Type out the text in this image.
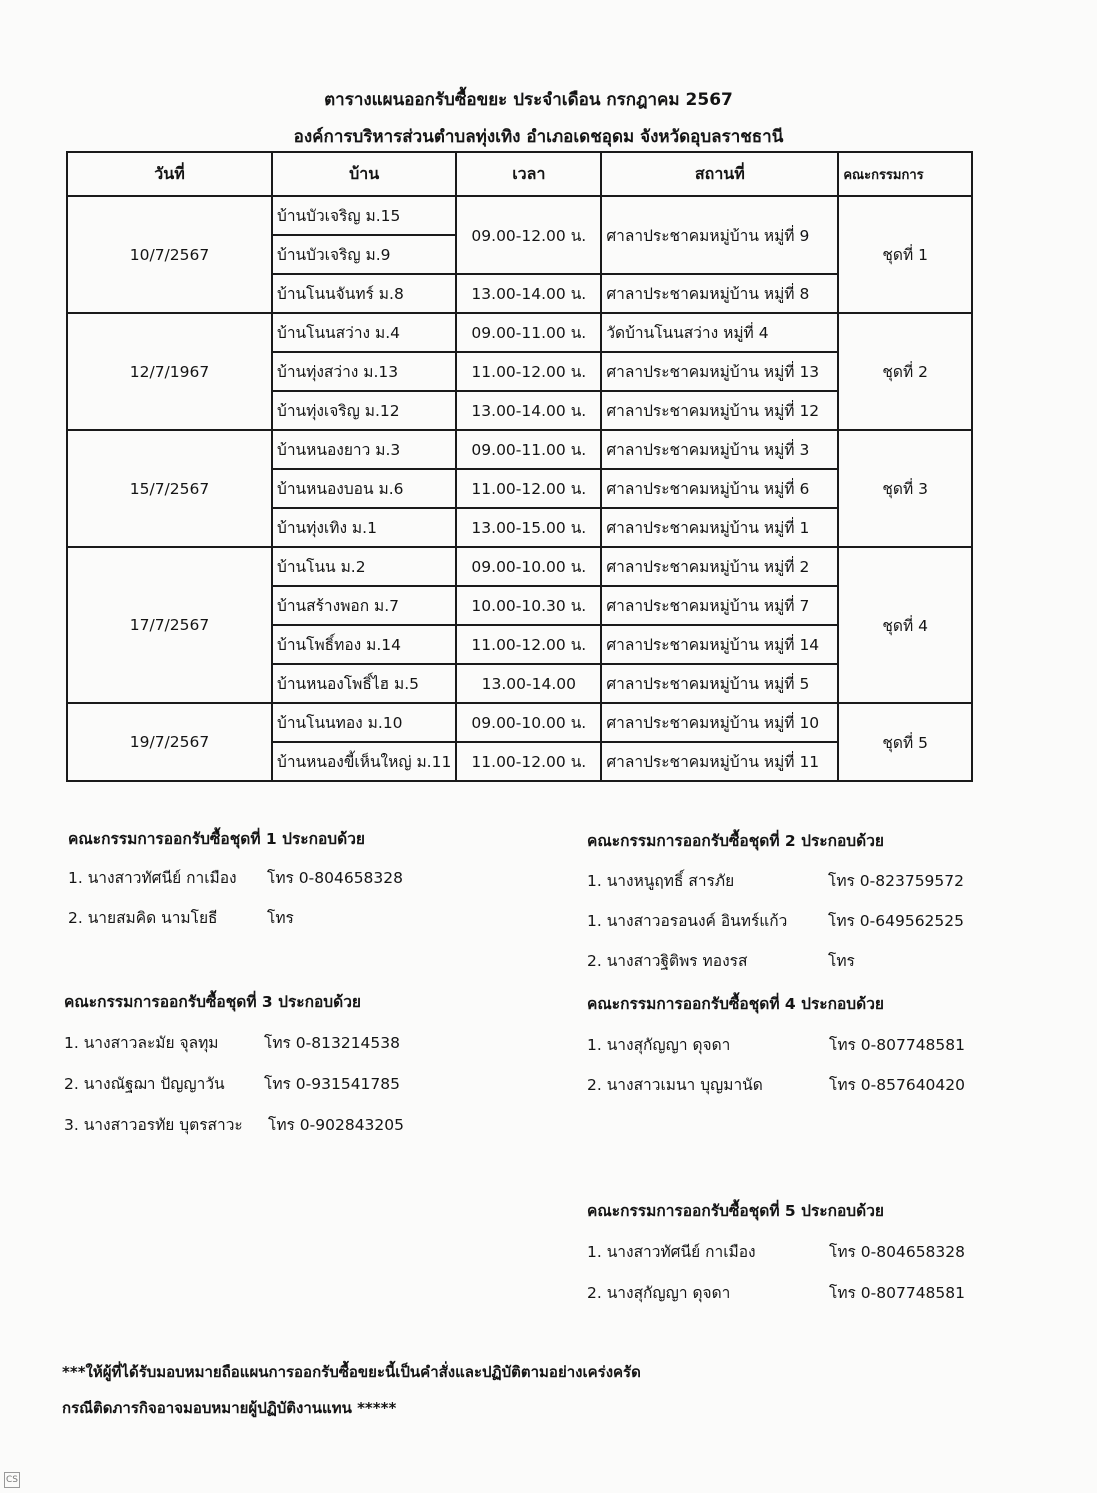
ตารางแผนออกรับซื้อขยะ ประจำเดือน กรกฎาคม 2567
องค์การบริหารส่วนตำบลทุ่งเทิง อำเภอเดชอุดม จังหวัดอุบลราชธานี
วันที่	บ้าน	เวลา	สถานที่	คณะกรรมการ
10/7/2567	บ้านบัวเจริญ ม.15	09.00-12.00 น.	ศาลาประชาคมหมู่บ้าน หมู่ที่ 9	ชุดที่ 1
	บ้านบัวเจริญ ม.9			
	บ้านโนนจันทร์ ม.8	13.00-14.00 น.	ศาลาประชาคมหมู่บ้าน หมู่ที่ 8	
12/7/1967	บ้านโนนสว่าง ม.4	09.00-11.00 น.	วัดบ้านโนนสว่าง หมู่ที่ 4	ชุดที่ 2
	บ้านทุ่งสว่าง ม.13	11.00-12.00 น.	ศาลาประชาคมหมู่บ้าน หมู่ที่ 13	
	บ้านทุ่งเจริญ ม.12	13.00-14.00 น.	ศาลาประชาคมหมู่บ้าน หมู่ที่ 12	
15/7/2567	บ้านหนองยาว ม.3	09.00-11.00 น.	ศาลาประชาคมหมู่บ้าน หมู่ที่ 3	ชุดที่ 3
	บ้านหนองบอน ม.6	11.00-12.00 น.	ศาลาประชาคมหมู่บ้าน หมู่ที่ 6	
	บ้านทุ่งเทิง ม.1	13.00-15.00 น.	ศาลาประชาคมหมู่บ้าน หมู่ที่ 1	
17/7/2567	บ้านโนน ม.2	09.00-10.00 น.	ศาลาประชาคมหมู่บ้าน หมู่ที่ 2	ชุดที่ 4
	บ้านสร้างพอก ม.7	10.00-10.30 น.	ศาลาประชาคมหมู่บ้าน หมู่ที่ 7	
	บ้านโพธิ์ทอง ม.14	11.00-12.00 น.	ศาลาประชาคมหมู่บ้าน หมู่ที่ 14	
	บ้านหนองโพธิ์ไฮ ม.5	13.00-14.00	ศาลาประชาคมหมู่บ้าน หมู่ที่ 5	
19/7/2567	บ้านโนนทอง ม.10	09.00-10.00 น.	ศาลาประชาคมหมู่บ้าน หมู่ที่ 10	ชุดที่ 5
	บ้านหนองขี้เห็นใหญ่ ม.11	11.00-12.00 น.	ศาลาประชาคมหมู่บ้าน หมู่ที่ 11	
คณะกรรมการออกรับซื้อชุดที่ 1 ประกอบด้วย
1. นางสาวทัศนีย์ กาเมือง โทร 0-804658328
2. นายสมคิด นามโยธี	โทร
คณะกรรมการออกรับซื้อชุดที่ 2 ประกอบด้วย
1. นางหนูฤทธิ์ สารภัย	โทร 0-823759572
1. นางสาวอรอนงค์ อินทร์แก้ว	โทร 0-649562525
2. นางสาวฐิติพร ทองรส	โทร
คณะกรรมการออกรับซื้อชุดที่ 3 ประกอบด้วย
1. นางสาวละมัย จุลทุม	โทร 0-813214538
2. นางณัฐฌา ปัญญาวัน	โทร 0-931541785
3. นางสาวอรทัย บุตรสาวะ โทร 0-902843205
คณะกรรมการออกรับซื้อชุดที่ 4 ประกอบด้วย
1. นางสุกัญญา ดุจดา	โทร 0-807748581
2. นางสาวเมนา บุญมานัด	โทร 0-857640420
คณะกรรมการออกรับซื้อชุดที่ 5 ประกอบด้วย
1. นางสาวทัศนีย์ กาเมือง	โทร 0-804658328
2. นางสุกัญญา ดุจดา	โทร 0-807748581
***ให้ผู้ที่ได้รับมอบหมายถือแผนการออกรับซื้อขยะนี้เป็นคำสั่งและปฏิบัติตามอย่างเคร่งครัด
กรณีติดภารกิจอาจมอบหมายผู้ปฏิบัติงานแทน *****
CS
